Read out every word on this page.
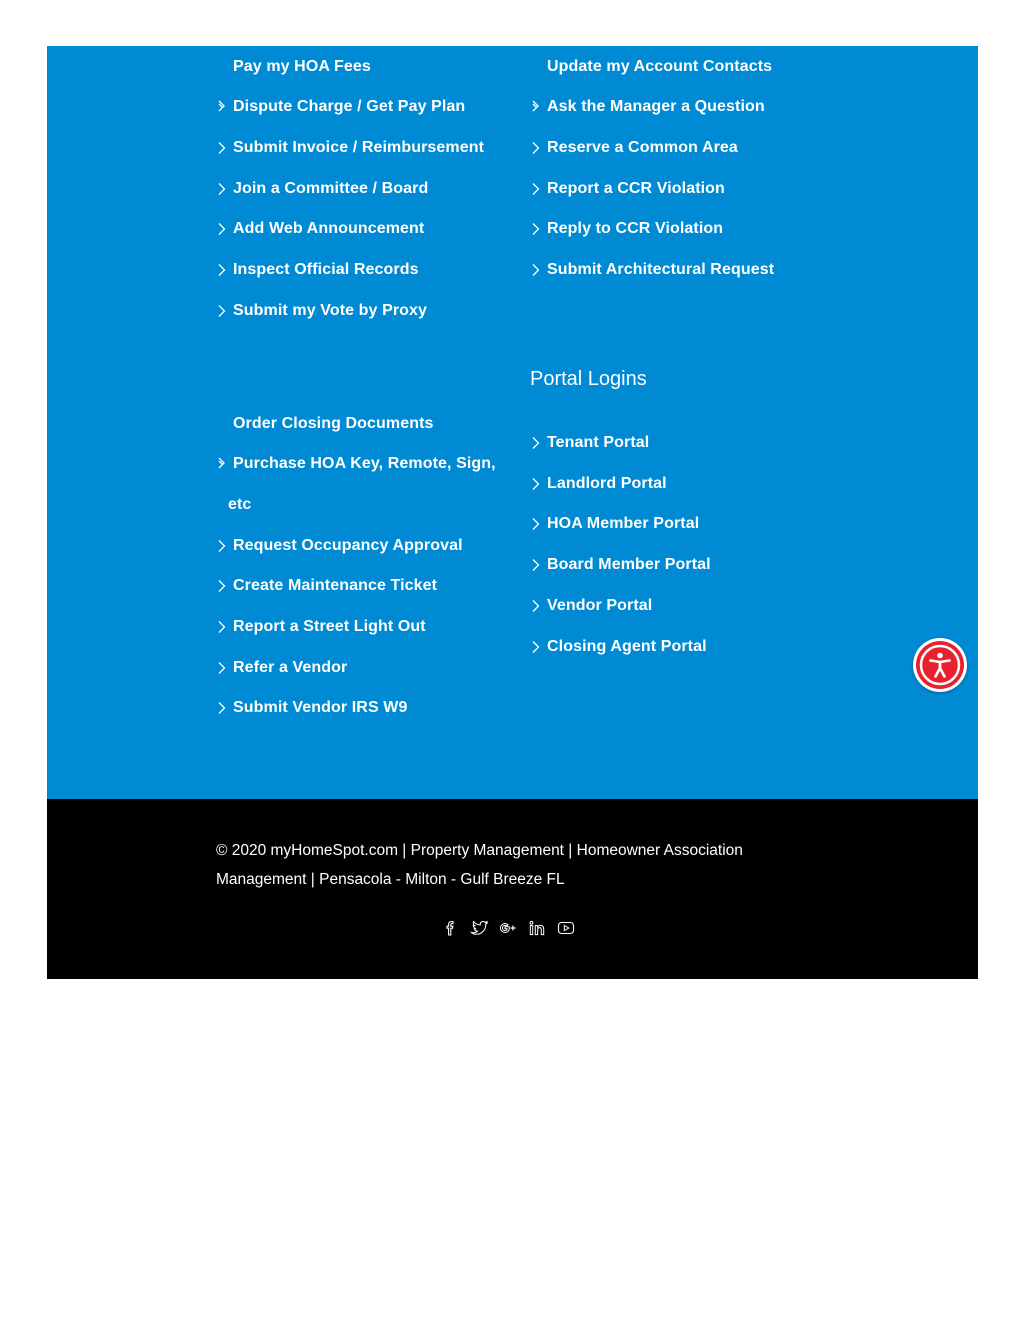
Pay my HOA Fees
Dispute Charge / Get Pay Plan
Submit Invoice / Reimbursement
Join a Committee / Board
Add Web Announcement
Inspect Official Records
Submit my Vote by Proxy
Update my Account Contacts
Ask the Manager a Question
Reserve a Common Area
Report a CCR Violation
Reply to CCR Violation
Submit Architectural Request
Portal Logins
Order Closing Documents
Purchase HOA Key, Remote, Sign,
etc
Request Occupancy Approval
Create Maintenance Ticket
Report a Street Light Out
Refer a Vendor
Submit Vendor IRS W9
Tenant Portal
Landlord Portal
HOA Member Portal
Board Member Portal
Vendor Portal
Closing Agent Portal
© 2020 myHomeSpot.com | Property Management | Homeowner Association
Management | Pensacola - Milton - Gulf Breeze FL
